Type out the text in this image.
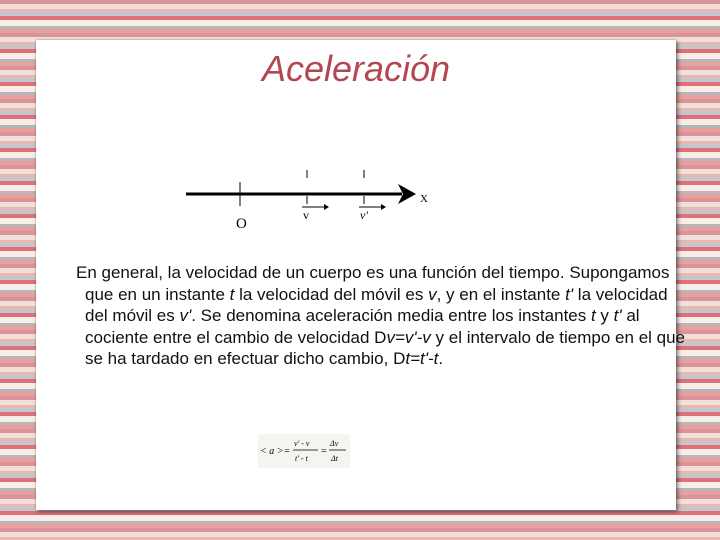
Aceleración
O
v	v'
X
En general, la velocidad de un cuerpo es una función del tiempo. Supongamos que en un instante t la velocidad del móvil es v, y en el instante t' la velocidad del móvil es v'. Se denomina aceleración media entre los instantes t y t' al cociente entre el cambio de velocidad Dv=v'-v y el intervalo de tiempo en el que se ha tardado en efectuar dicho cambio, Dt=t'-t.
< a >=
v' - v
t' - t
=
Δv
Δt
